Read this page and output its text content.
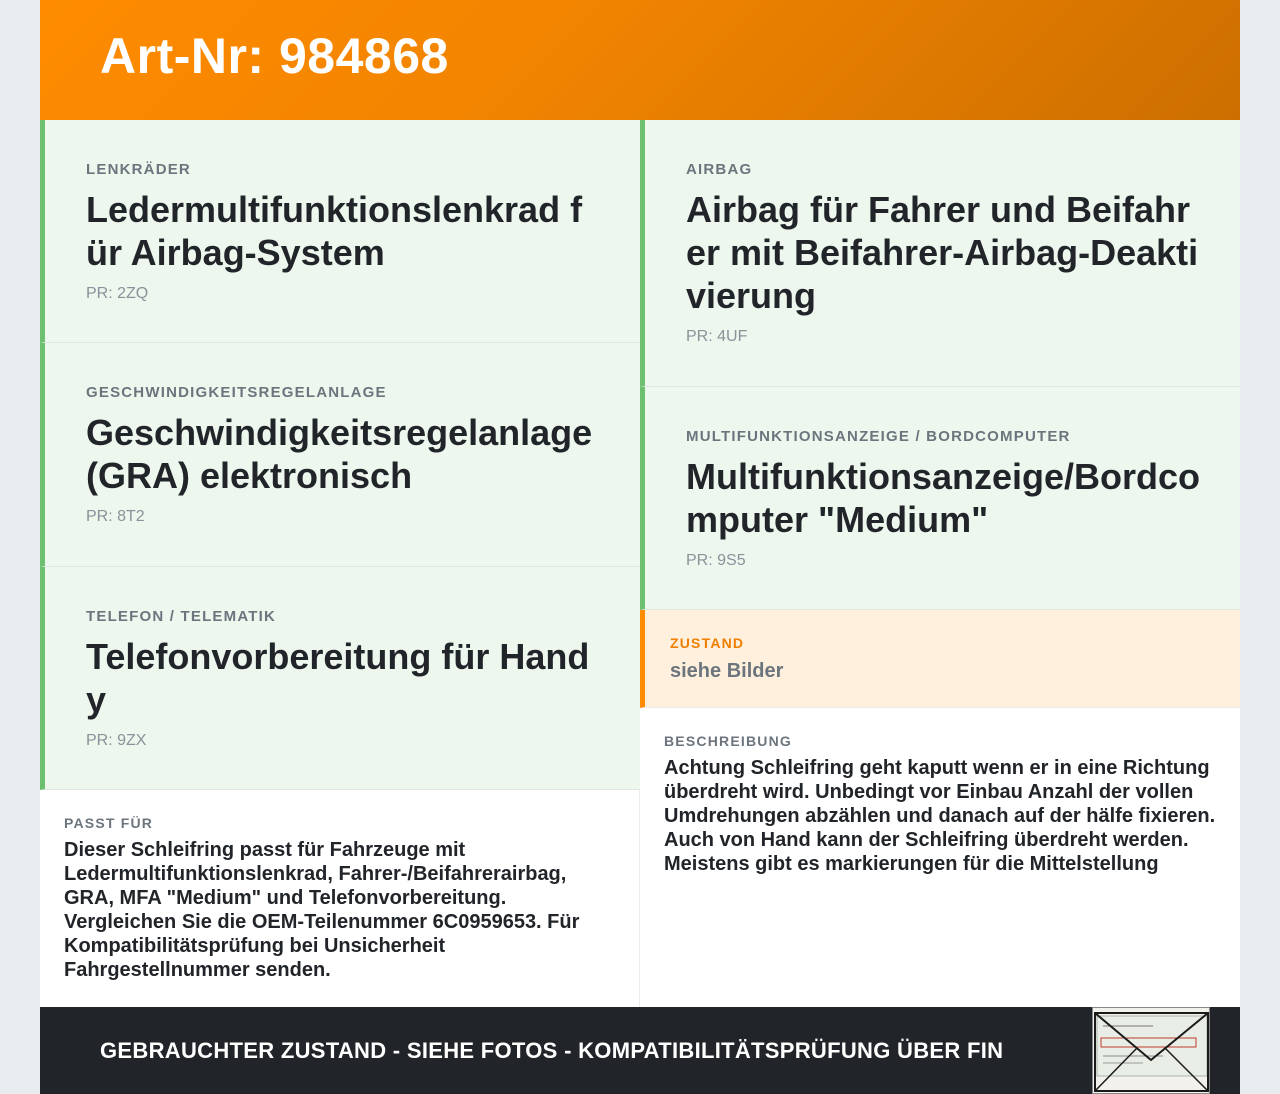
Art-Nr: 984868
LENKRÄDER
Ledermultifunktionslenkrad für Airbag-System
PR: 2ZQ
GESCHWINDIGKEITSREGELANLAGE
Geschwindigkeitsregelanlage (GRA) elektronisch
PR: 8T2
TELEFON / TELEMATIK
Telefonvorbereitung für Handy
PR: 9ZX
PASST FÜR
Dieser Schleifring passt für Fahrzeuge mit Ledermultifunktionslenkrad, Fahrer-/Beifahrerairbag, GRA, MFA "Medium" und Telefonvorbereitung. Vergleichen Sie die OEM-Teilenummer 6C0959653. Für Kompatibilitätsprüfung bei Unsicherheit Fahrgestellnummer senden.
AIRBAG
Airbag für Fahrer und Beifahrer mit Beifahrer-Airbag-Deaktivierung
PR: 4UF
MULTIFUNKTIONSANZEIGE / BORDCOMPUTER
Multifunktionsanzeige/Bordcomputer "Medium"
PR: 9S5
ZUSTAND
siehe Bilder
BESCHREIBUNG
Achtung Schleifring geht kaputt wenn er in eine Richtung überdreht wird. Unbedingt vor Einbau Anzahl der vollen Umdrehungen abzählen und danach auf der hälfe fixieren. Auch von Hand kann der Schleifring überdreht werden. Meistens gibt es markierungen für die Mittelstellung
GEBRAUCHTER ZUSTAND - SIEHE FOTOS - KOMPATIBILITÄTSPRÜFUNG ÜBER FIN
